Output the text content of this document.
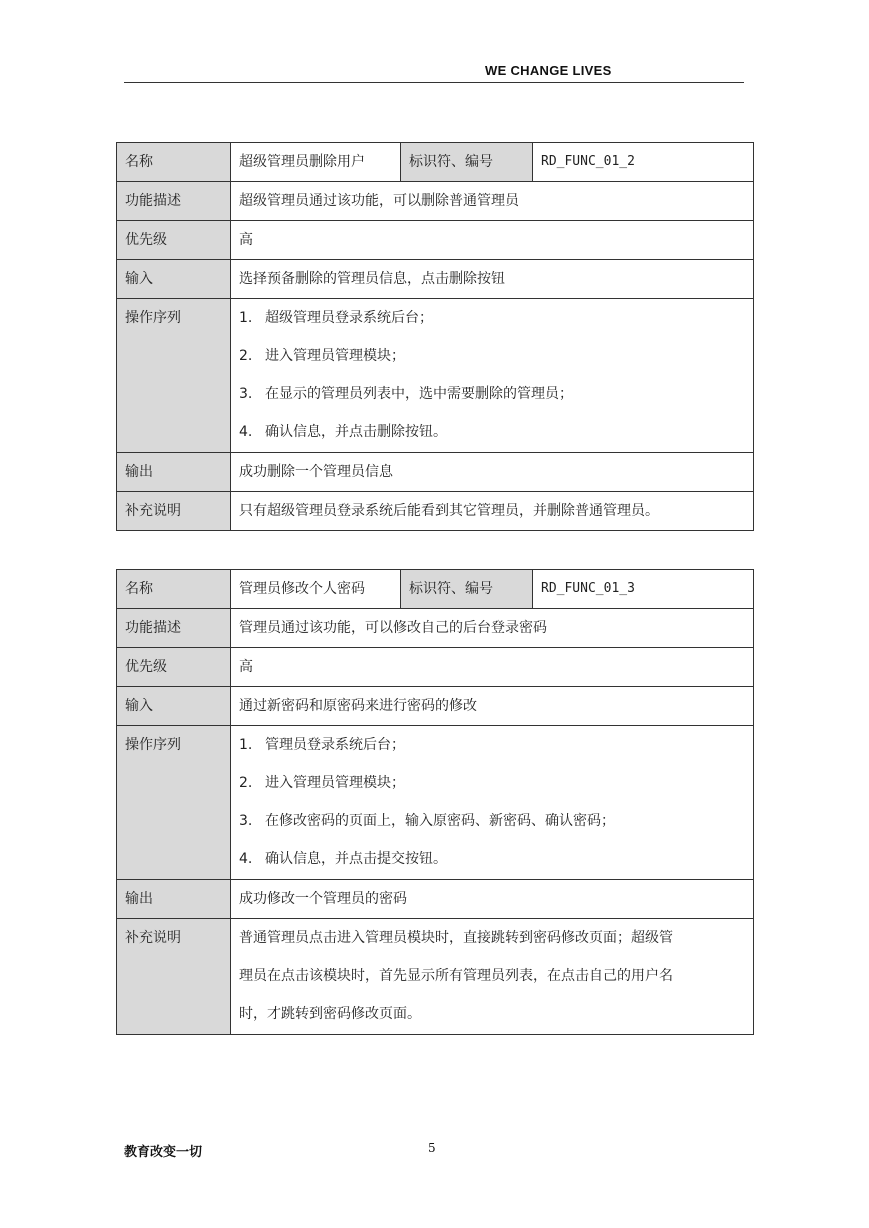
WE CHANGE LIVES
名称	超级管理员删除用户	标识符、编号	RD_FUNC_01_2
功能描述	超级管理员通过该功能，可以删除普通管理员		
优先级	高		
输入	选择预备删除的管理员信息，点击删除按钮		
操作序列	1. 超级管理员登录系统后台；
2. 进入管理员管理模块；
3. 在显示的管理员列表中，选中需要删除的管理员；
4. 确认信息，并点击删除按钮。		

输出	成功删除一个管理员信息		
补充说明	只有超级管理员登录系统后能看到其它管理员，并删除普通管理员。		
名称	管理员修改个人密码	标识符、编号	RD_FUNC_01_3
功能描述	管理员通过该功能，可以修改自己的后台登录密码		
优先级	高		
输入	通过新密码和原密码来进行密码的修改		
操作序列	1. 管理员登录系统后台；
2. 进入管理员管理模块；
3. 在修改密码的页面上，输入原密码、新密码、确认密码；
4. 确认信息，并点击提交按钮。		

输出	成功修改一个管理员的密码		
补充说明	普通管理员点击进入管理员模块时，直接跳转到密码修改页面；超级管
理员在点击该模块时，首先显示所有管理员列表，在点击自己的用户名
时，才跳转到密码修改页面。		
教育改变一切	5
